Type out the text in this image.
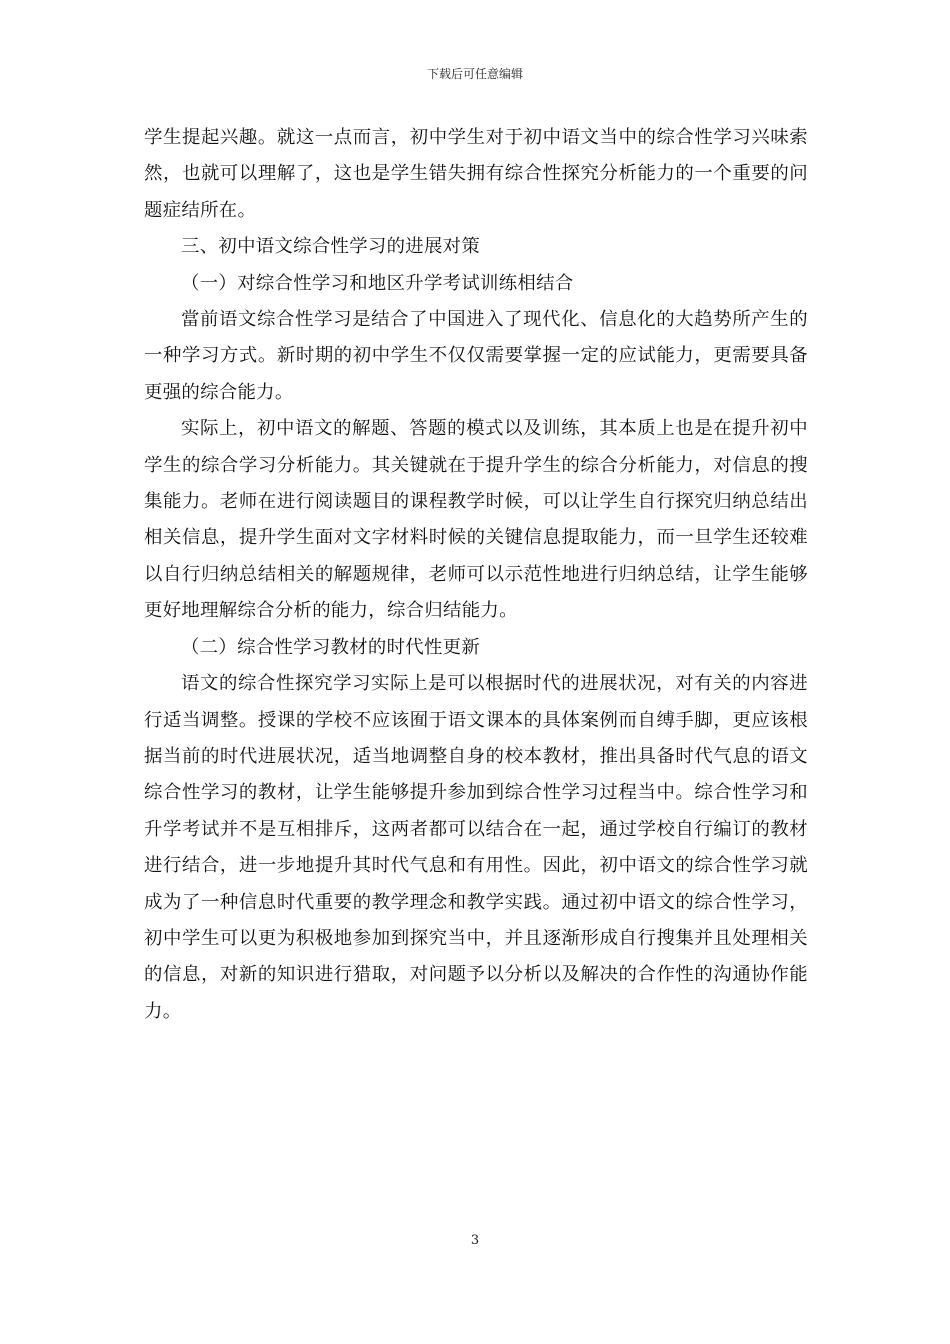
下载后可任意编辑

学生提起兴趣。就这一点而言，初中学生对于初中语文当中的综合性学习兴味索然，也就可以理解了，这也是学生错失拥有综合性探究分析能力的一个重要的问题症结所在。

三、初中语文综合性学习的进展对策

（一）对综合性学习和地区升学考试训练相结合

當前语文综合性学习是结合了中国进入了现代化、信息化的大趋势所产生的一种学习方式。新时期的初中学生不仅仅需要掌握一定的应试能力，更需要具备更强的综合能力。

实际上，初中语文的解题、答题的模式以及训练，其本质上也是在提升初中学生的综合学习分析能力。其关键就在于提升学生的综合分析能力，对信息的搜集能力。老师在进行阅读题目的课程教学时候，可以让学生自行探究归纳总结出相关信息，提升学生面对文字材料时候的关键信息提取能力，而一旦学生还较难以自行归纳总结相关的解题规律，老师可以示范性地进行归纳总结，让学生能够更好地理解综合分析的能力，综合归结能力。

（二）综合性学习教材的时代性更新

语文的综合性探究学习实际上是可以根据时代的进展状况，对有关的内容进行适当调整。授课的学校不应该囿于语文课本的具体案例而自缚手脚，更应该根据当前的时代进展状况，适当地调整自身的校本教材，推出具备时代气息的语文综合性学习的教材，让学生能够提升参加到综合性学习过程当中。综合性学习和升学考试并不是互相排斥，这两者都可以结合在一起，通过学校自行编订的教材进行结合，进一步地提升其时代气息和有用性。因此，初中语文的综合性学习就成为了一种信息时代重要的教学理念和教学实践。通过初中语文的综合性学习，初中学生可以更为积极地参加到探究当中，并且逐渐形成自行搜集并且处理相关的信息，对新的知识进行猎取，对问题予以分析以及解决的合作性的沟通协作能力。

3
